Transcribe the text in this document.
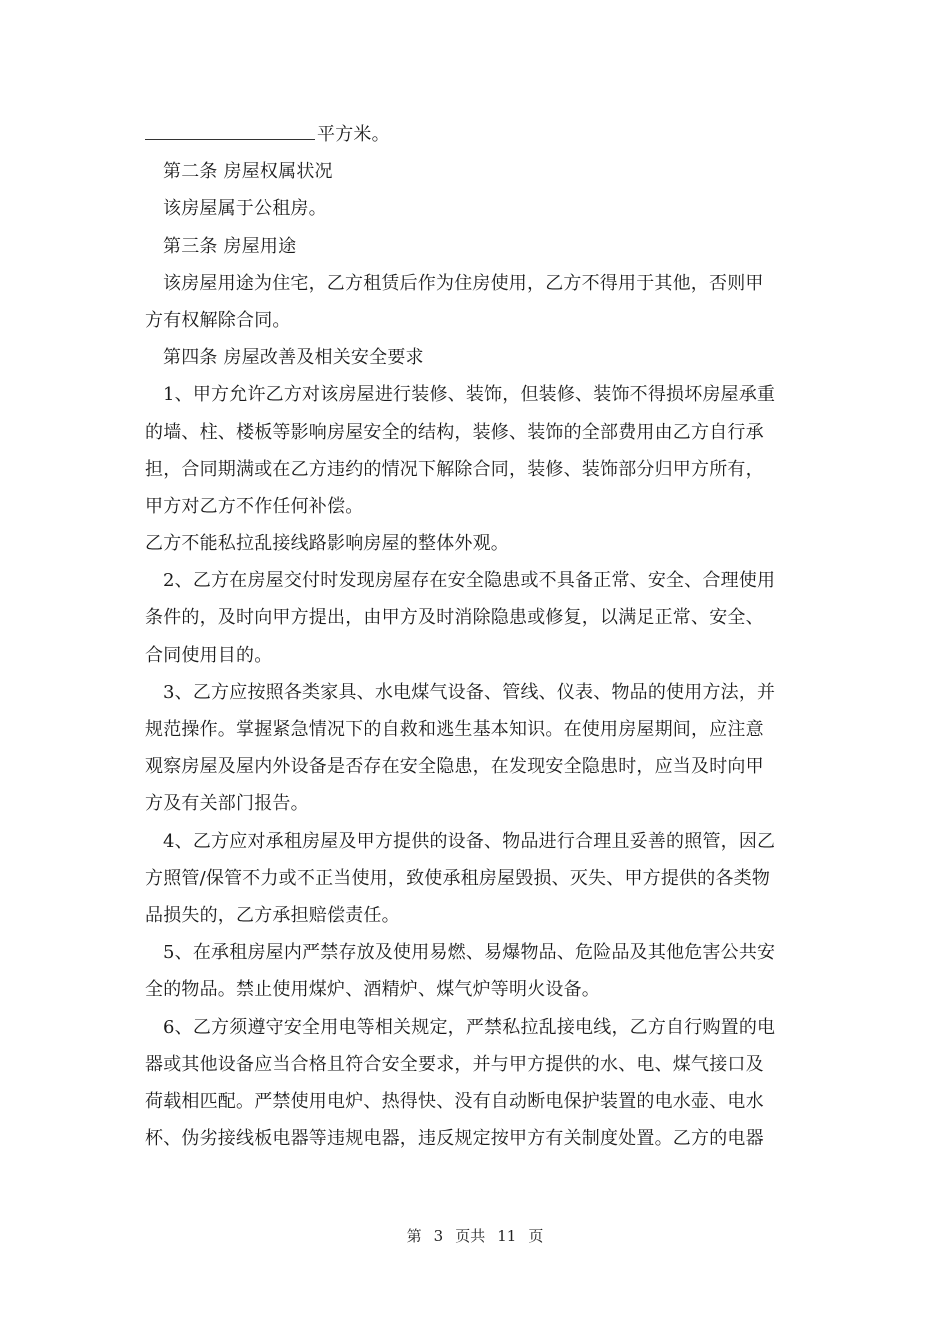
平方米。
第二条 房屋权属状况
该房屋属于公租房。
第三条 房屋用途
该房屋用途为住宅，乙方租赁后作为住房使用，乙方不得用于其他，否则甲
方有权解除合同。
第四条 房屋改善及相关安全要求
1、甲方允许乙方对该房屋进行装修、装饰，但装修、装饰不得损坏房屋承重
的墙、柱、楼板等影响房屋安全的结构，装修、装饰的全部费用由乙方自行承
担，合同期满或在乙方违约的情况下解除合同，装修、装饰部分归甲方所有，
甲方对乙方不作任何补偿。
乙方不能私拉乱接线路影响房屋的整体外观。
2、乙方在房屋交付时发现房屋存在安全隐患或不具备正常、安全、合理使用
条件的，及时向甲方提出，由甲方及时消除隐患或修复，以满足正常、安全、
合同使用目的。
3、乙方应按照各类家具、水电煤气设备、管线、仪表、物品的使用方法，并
规范操作。掌握紧急情况下的自救和逃生基本知识。在使用房屋期间，应注意
观察房屋及屋内外设备是否存在安全隐患，在发现安全隐患时，应当及时向甲
方及有关部门报告。
4、乙方应对承租房屋及甲方提供的设备、物品进行合理且妥善的照管，因乙
方照管/保管不力或不正当使用，致使承租房屋毁损、灭失、甲方提供的各类物
品损失的，乙方承担赔偿责任。
5、在承租房屋内严禁存放及使用易燃、易爆物品、危险品及其他危害公共安
全的物品。禁止使用煤炉、酒精炉、煤气炉等明火设备。
6、乙方须遵守安全用电等相关规定，严禁私拉乱接电线，乙方自行购置的电
器或其他设备应当合格且符合安全要求，并与甲方提供的水、电、煤气接口及
荷载相匹配。严禁使用电炉、热得快、没有自动断电保护装置的电水壶、电水
杯、伪劣接线板电器等违规电器，违反规定按甲方有关制度处置。乙方的电器
第 3 页共 11 页
